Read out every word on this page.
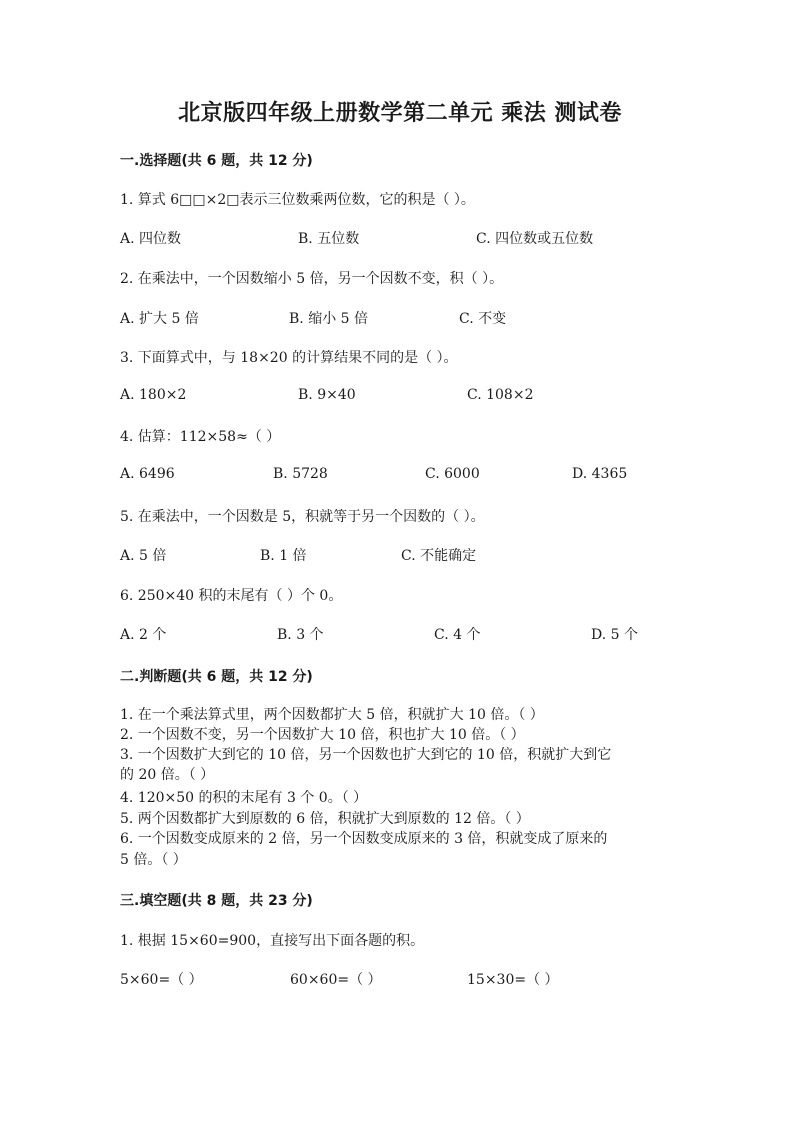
北京版四年级上册数学第二单元 乘法 测试卷
一.选择题(共 6 题，共 12 分)
1. 算式 6□□×2□表示三位数乘两位数，它的积是（ ）。
A. 四位数	B. 五位数	C. 四位数或五位数
2. 在乘法中，一个因数缩小 5 倍，另一个因数不变，积（ ）。
A. 扩大 5 倍	B. 缩小 5 倍	C. 不变
3. 下面算式中，与 18×20 的计算结果不同的是（ ）。
A. 180×2	B. 9×40	C. 108×2
4. 估算：112×58≈（ ）
A. 6496	B. 5728	C. 6000	D. 4365
5. 在乘法中，一个因数是 5，积就等于另一个因数的（ ）。
A. 5 倍	B. 1 倍	C. 不能确定
6. 250×40 积的末尾有（ ）个 0。
A. 2 个	B. 3 个	C. 4 个	D. 5 个
二.判断题(共 6 题，共 12 分)
1. 在一个乘法算式里，两个因数都扩大 5 倍，积就扩大 10 倍。（ ）
2. 一个因数不变，另一个因数扩大 10 倍，积也扩大 10 倍。（ ）
3. 一个因数扩大到它的 10 倍，另一个因数也扩大到它的 10 倍，积就扩大到它
的 20 倍。（ ）
4. 120×50 的积的末尾有 3 个 0。（ ）
5. 两个因数都扩大到原数的 6 倍，积就扩大到原数的 12 倍。（ ）
6. 一个因数变成原来的 2 倍，另一个因数变成原来的 3 倍，积就变成了原来的
5 倍。（ ）
三.填空题(共 8 题，共 23 分)
1. 根据 15×60=900，直接写出下面各题的积。
5×60=（ ）	60×60=（ ）	15×30=（ ）
